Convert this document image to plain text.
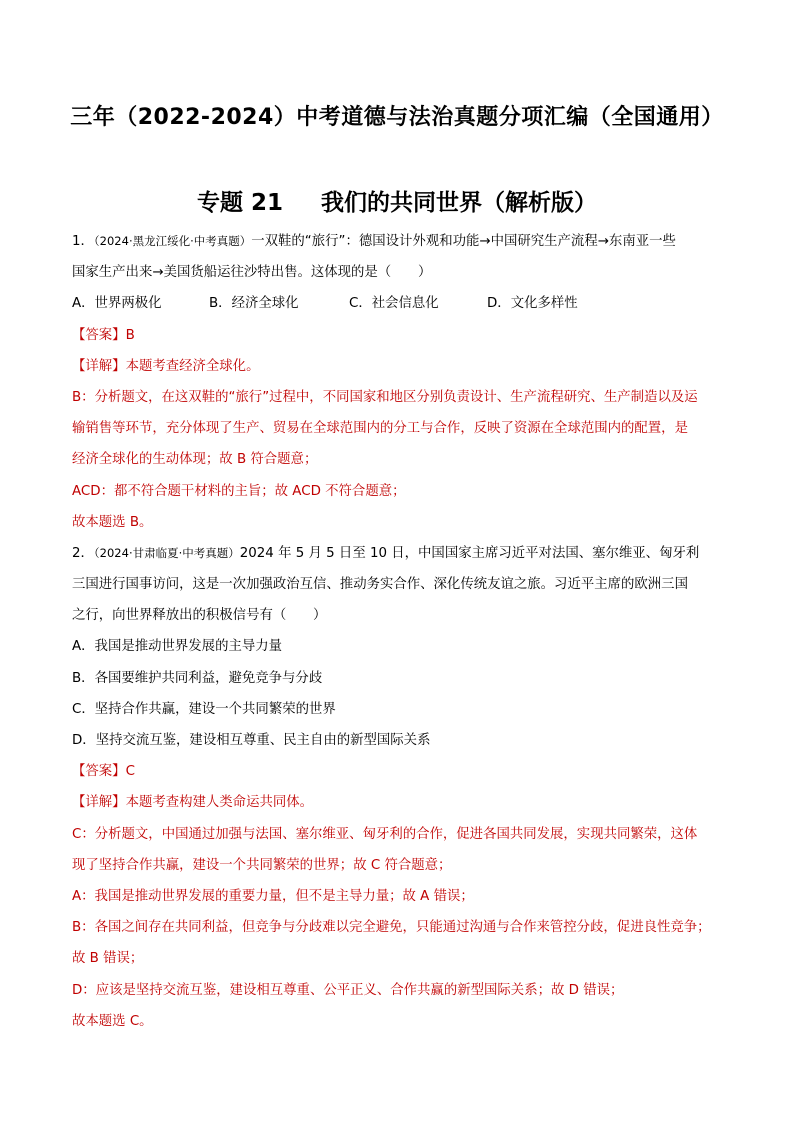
三年（2022-2024）中考道德与法治真题分项汇编（全国通用）
专题 21 我们的共同世界（解析版）
1．（2024·黑龙江绥化·中考真题）一双鞋的“旅行”：德国设计外观和功能→中国研究生产流程→东南亚一些
国家生产出来→美国货船运往沙特出售。这体现的是（　　）
A．世界两极化	B．经济全球化	C．社会信息化	D．文化多样性
【答案】B
【详解】本题考查经济全球化。
B：分析题文，在这双鞋的“旅行”过程中，不同国家和地区分别负责设计、生产流程研究、生产制造以及运
输销售等环节，充分体现了生产、贸易在全球范围内的分工与合作，反映了资源在全球范围内的配置，是
经济全球化的生动体现；故 B 符合题意；
ACD：都不符合题干材料的主旨；故 ACD 不符合题意；
故本题选 B。
2．（2024·甘肃临夏·中考真题）2024 年 5 月 5 日至 10 日，中国国家主席习近平对法国、塞尔维亚、匈牙利
三国进行国事访问，这是一次加强政治互信、推动务实合作、深化传统友谊之旅。习近平主席的欧洲三国
之行，向世界释放出的积极信号有（　　）
A．我国是推动世界发展的主导力量
B．各国要维护共同利益，避免竞争与分歧
C．坚持合作共赢，建设一个共同繁荣的世界
D．坚持交流互鉴，建设相互尊重、民主自由的新型国际关系
【答案】C
【详解】本题考查构建人类命运共同体。
C：分析题文，中国通过加强与法国、塞尔维亚、匈牙利的合作，促进各国共同发展，实现共同繁荣，这体
现了坚持合作共赢，建设一个共同繁荣的世界；故 C 符合题意；
A：我国是推动世界发展的重要力量，但不是主导力量；故 A 错误；
B：各国之间存在共同利益，但竞争与分歧难以完全避免，只能通过沟通与合作来管控分歧，促进良性竞争；
故 B 错误；
D：应该是坚持交流互鉴，建设相互尊重、公平正义、合作共赢的新型国际关系；故 D 错误；
故本题选 C。
